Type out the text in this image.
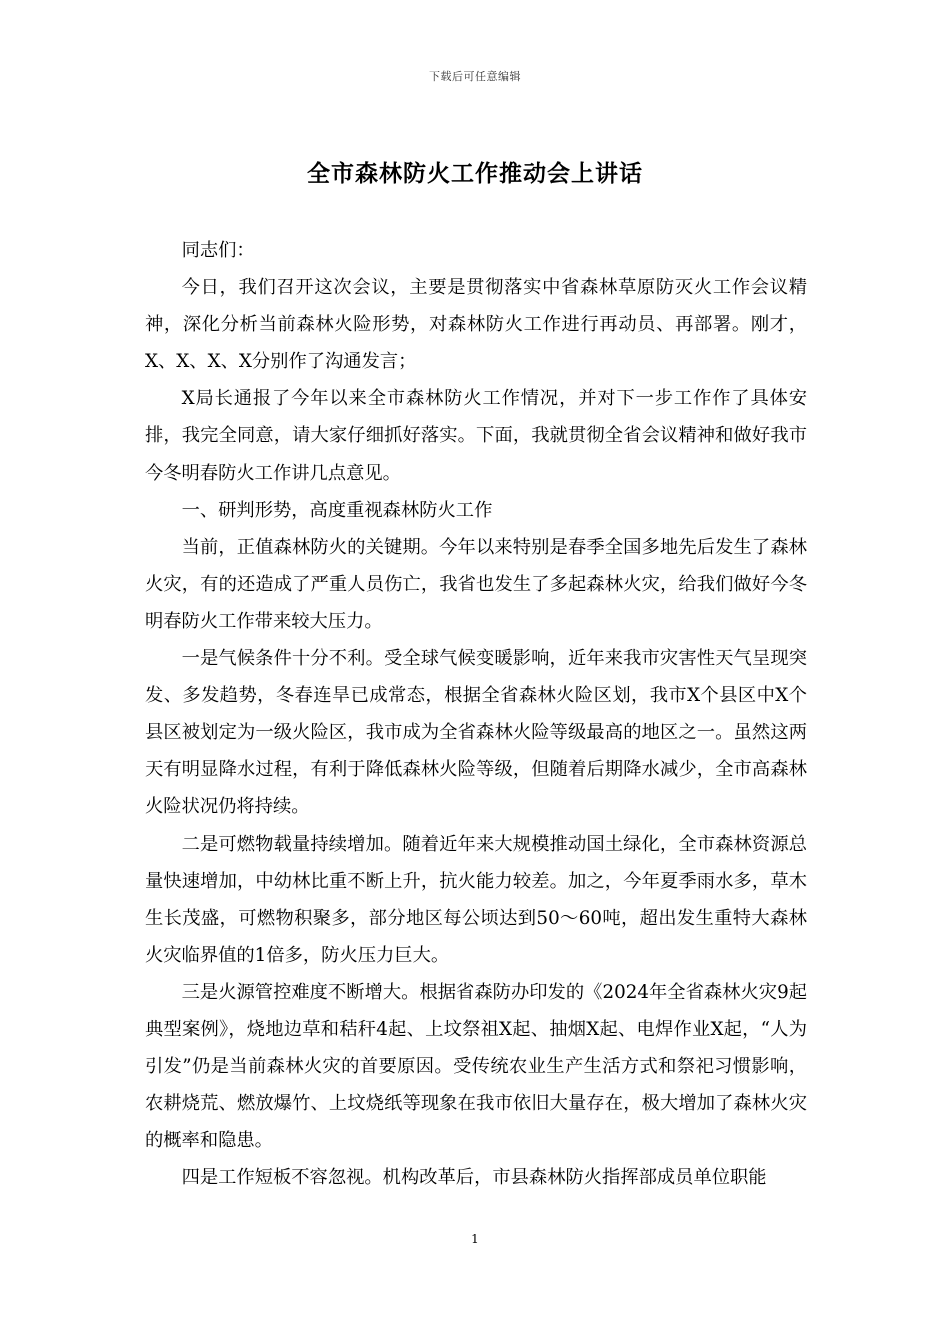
下载后可任意编辑
全市森林防火工作推动会上讲话

同志们：

今日，我们召开这次会议，主要是贯彻落实中省森林草原防灭火工作会议精神，深化分析当前森林火险形势，对森林防火工作进行再动员、再部署。刚才，X、X、X、X分别作了沟通发言；

X局长通报了今年以来全市森林防火工作情况，并对下一步工作作了具体安排，我完全同意，请大家仔细抓好落实。下面，我就贯彻全省会议精神和做好我市今冬明春防火工作讲几点意见。

一、研判形势，高度重视森林防火工作

当前，正值森林防火的关键期。今年以来特别是春季全国多地先后发生了森林火灾，有的还造成了严重人员伤亡，我省也发生了多起森林火灾，给我们做好今冬明春防火工作带来较大压力。

一是气候条件十分不利。受全球气候变暖影响，近年来我市灾害性天气呈现突发、多发趋势，冬春连旱已成常态，根据全省森林火险区划，我市X个县区中X个县区被划定为一级火险区，我市成为全省森林火险等级最高的地区之一。虽然这两天有明显降水过程，有利于降低森林火险等级，但随着后期降水减少，全市高森林火险状况仍将持续。

二是可燃物载量持续增加。随着近年来大规模推动国土绿化，全市森林资源总量快速增加，中幼林比重不断上升，抗火能力较差。加之，今年夏季雨水多，草木生长茂盛，可燃物积聚多，部分地区每公顷达到50～60吨，超出发生重特大森林火灾临界值的1倍多，防火压力巨大。

三是火源管控难度不断增大。根据省森防办印发的《2024年全省森林火灾9起典型案例》，烧地边草和秸秆4起、上坟祭祖X起、抽烟X起、电焊作业X起，“人为引发”仍是当前森林火灾的首要原因。受传统农业生产生活方式和祭祀习惯影响，农耕烧荒、燃放爆竹、上坟烧纸等现象在我市依旧大量存在，极大增加了森林火灾的概率和隐患。

四是工作短板不容忽视。机构改革后，市县森林防火指挥部成员单位职能

1
